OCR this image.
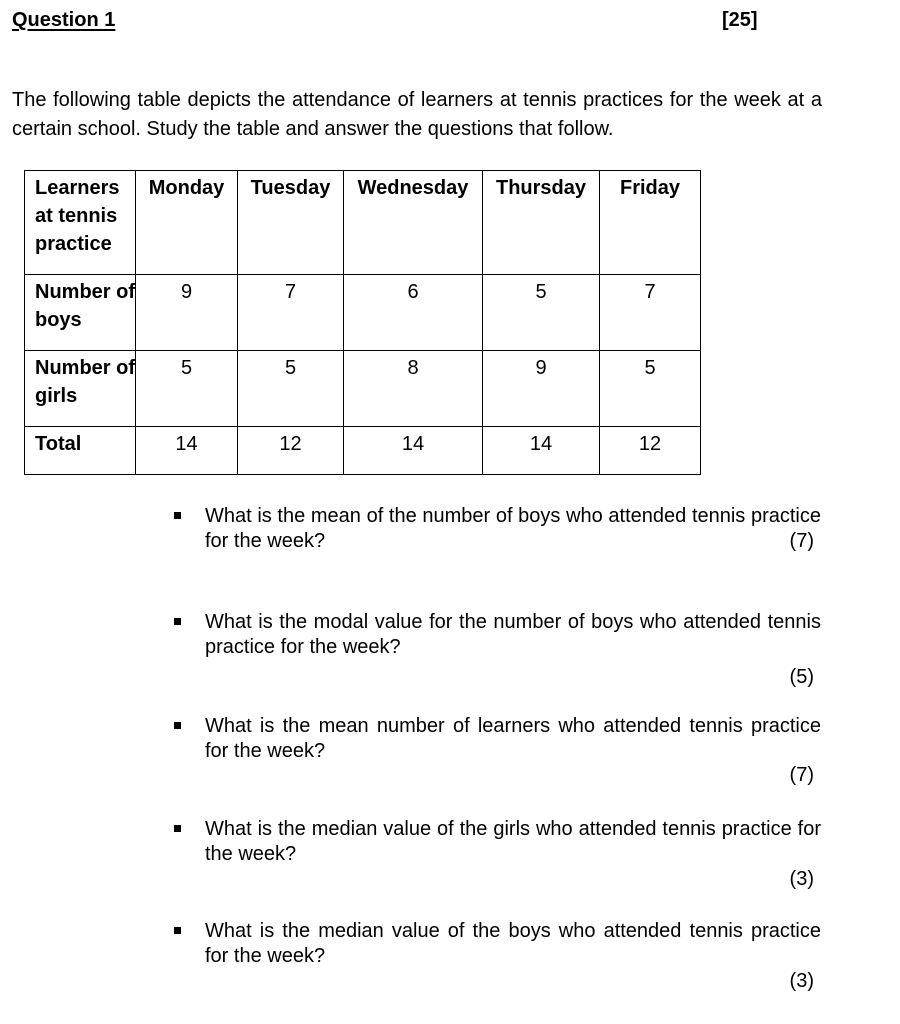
Question 1	[25]
The following table depicts the attendance of learners at tennis practices for the week at a certain school. Study the table and answer the questions that follow.
Learners at tennis practice	Monday	Tuesday	Wednesday	Thursday	Friday
Number of boys	9	7	6	5	7
Number of girls	5	5	8	9	5
Total	14	12	14	14	12
What is the mean of the number of boys who attended tennis practice for the week?	(7)
What is the modal value for the number of boys who attended tennis practice for the week?
(5)
What is the mean number of learners who attended tennis practice for the week?
(7)
What is the median value of the girls who attended tennis practice for the week?
(3)
What is the median value of the boys who attended tennis practice for the week?
(3)
